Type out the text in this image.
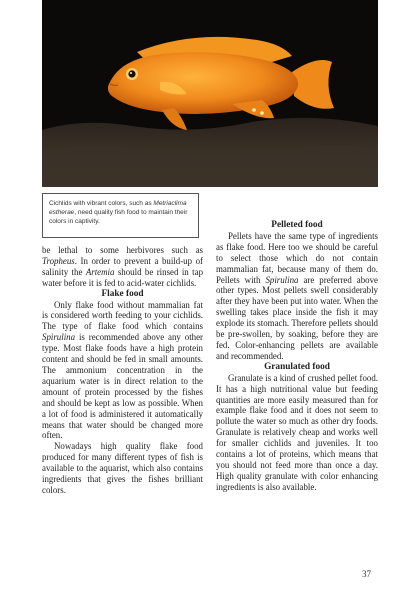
Cichlids with vibrant colors, such as Metriaclima estherae, need quality fish food to maintain their colors in captivity.

be lethal to some herbivores such as Tropheus. In order to prevent a build-up of salinity the Artemia should be rinsed in tap water before it is fed to acid-water cichlids.

Flake food

Only flake food without mammalian fat is considered worth feeding to your cichlids. The type of flake food which contains Spirulina is recommended above any other type. Most flake foods have a high protein content and should be fed in small amounts. The ammonium concentration in the aquarium water is in direct relation to the amount of protein processed by the fishes and should be kept as low as possible. When a lot of food is administered it automatically means that water should be changed more often.

Nowadays high quality flake food produced for many different types of fish is available to the aquarist, which also contains ingredients that gives the fishes brilliant colors.

Pelleted food

Pellets have the same type of ingredients as flake food. Here too we should be careful to select those which do not contain mammalian fat, because many of them do. Pellets with Spirulina are preferred above other types. Most pellets swell considerably after they have been put into water. When the swelling takes place inside the fish it may explode its stomach. Therefore pellets should be pre-swollen, by soaking, before they are fed. Color-enhancing pellets are available and recommended.

Granulated food

Granulate is a kind of crushed pellet food. It has a high nutritional value but feeding quantities are more easily measured than for example flake food and it does not seem to pollute the water so much as other dry foods. Granulate is relatively cheap and works well for smaller cichlids and juveniles. It too contains a lot of proteins, which means that you should not feed more than once a day. High quality granulate with color enhancing ingredients is also available.

37
